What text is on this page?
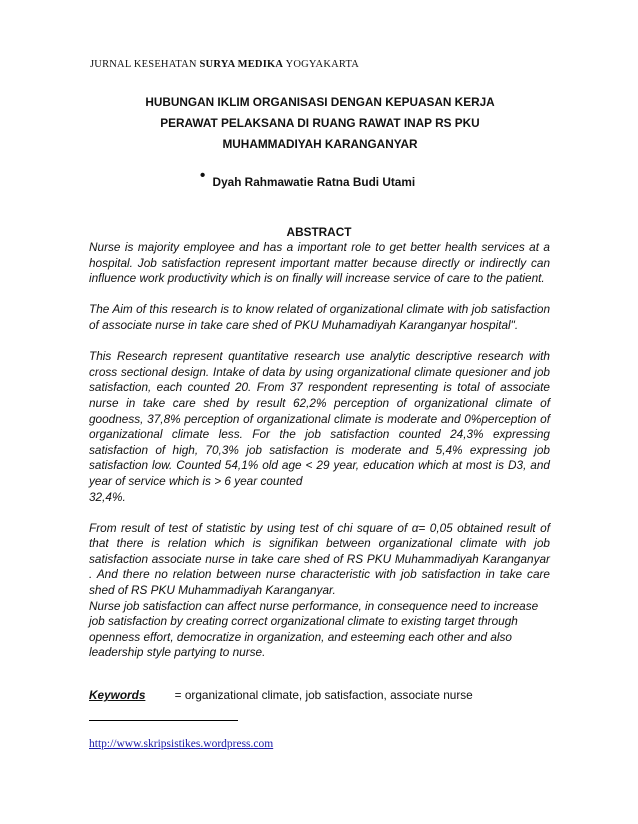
JURNAL KESEHATAN SURYA MEDIKA YOGYAKARTA
HUBUNGAN IKLIM ORGANISASI DENGAN KEPUASAN KERJA
PERAWAT PELAKSANA DI RUANG RAWAT INAP RS PKU
MUHAMMADIYAH KARANGANYAR
• Dyah Rahmawatie Ratna Budi Utami
ABSTRACT

Nurse is majority employee and has a important role to get better health services at a hospital. Job satisfaction represent important matter because directly or indirectly can influence work productivity which is on finally will increase service of care to the patient.

The Aim of this research is to know related of organizational climate with job satisfaction of associate nurse in take care shed of PKU Muhamadiyah Karanganyar hospital".

This Research represent quantitative research use analytic descriptive research with cross sectional design. Intake of data by using organizational climate quesioner and job satisfaction, each counted 20. From 37 respondent representing is total of associate nurse in take care shed by result 62,2% perception of organizational climate of goodness, 37,8% perception of organizational climate is moderate and 0%perception of organizational climate less. For the job satisfaction counted 24,3% expressing satisfaction of high, 70,3% job satisfaction is moderate and 5,4% expressing job satisfaction low. Counted 54,1% old age < 29 year, education which at most is D3, and year of service which is > 6 year counted

32,4%.

From result of test of statistic by using test of chi square of α= 0,05 obtained result of that there is relation which is signifikan between organizational climate with job satisfaction associate nurse in take care shed of RS PKU Muhammadiyah Karanganyar . And there no relation between nurse characteristic with job satisfaction in take care shed of RS PKU Muhammadiyah Karanganyar.

Nurse job satisfaction can affect nurse performance, in consequence need to increase job satisfaction by creating correct organizational climate to existing target through openness effort, democratize in organization, and esteeming each other and also leadership style partying to nurse.

Keywords = organizational climate, job satisfaction, associate nurse
http://www.skripsistikes.wordpress.com
